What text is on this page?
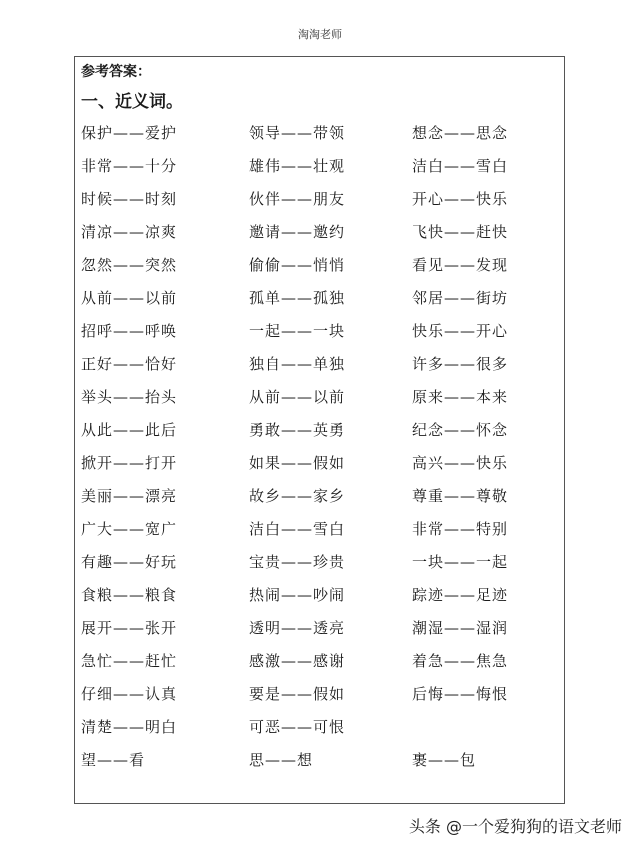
淘淘老师
参考答案：
一、近义词。
保护——爱护
非常——十分
时候——时刻
清凉——凉爽
忽然——突然
从前——以前
招呼——呼唤
正好——恰好
举头——抬头
从此——此后
掀开——打开
美丽——漂亮
广大——宽广
有趣——好玩
食粮——粮食
展开——张开
急忙——赶忙
仔细——认真
清楚——明白
望——看
领导——带领
雄伟——壮观
伙伴——朋友
邀请——邀约
偷偷——悄悄
孤单——孤独
一起——一块
独自——单独
从前——以前
勇敢——英勇
如果——假如
故乡——家乡
洁白——雪白
宝贵——珍贵
热闹——吵闹
透明——透亮
感激——感谢
要是——假如
可恶——可恨
思——想
想念——思念
洁白——雪白
开心——快乐
飞快——赶快
看见——发现
邻居——街坊
快乐——开心
许多——很多
原来——本来
纪念——怀念
高兴——快乐
尊重——尊敬
非常——特别
一块——一起
踪迹——足迹
潮湿——湿润
着急——焦急
后悔——悔恨
裹——包
头条 @一个爱狗狗的语文老师
